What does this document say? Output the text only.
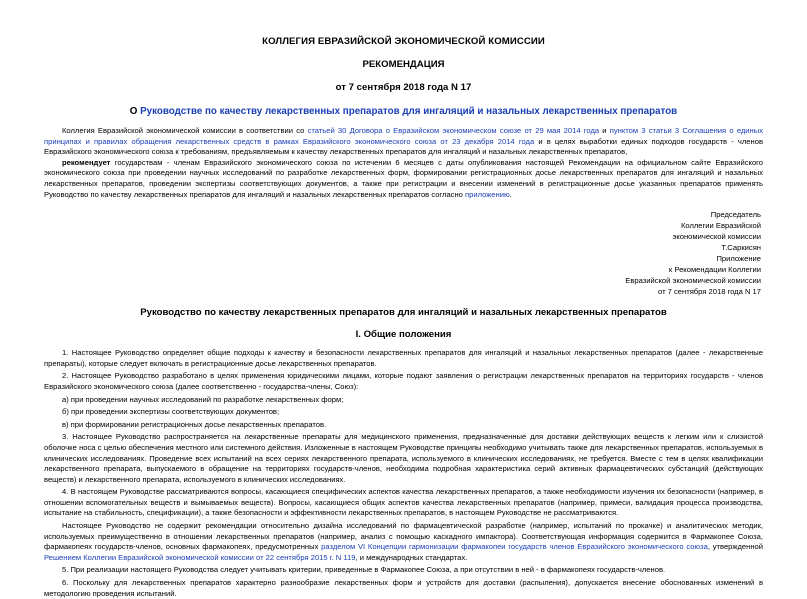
КОЛЛЕГИЯ ЕВРАЗИЙСКОЙ ЭКОНОМИЧЕСКОЙ КОМИССИИ
РЕКОМЕНДАЦИЯ
от 7 сентября 2018 года N 17
О Руководстве по качеству лекарственных препаратов для ингаляций и назальных лекарственных препаратов

Коллегия Евразийской экономической комиссии в соответствии со статьей 30 Договора о Евразийском экономическом союзе от 29 мая 2014 года и пунктом 3 статьи 3 Соглашения о единых принципах и правилах обращения лекарственных средств в рамках Евразийского экономического союза от 23 декабря 2014 года и в целях выработки единых подходов государств - членов Евразийского экономического союза к требованиям, предъявляемым к качеству лекарственных препаратов для ингаляций и назальных лекарственных препаратов,

рекомендует государствам - членам Евразийского экономического союза по истечении 6 месяцев с даты опубликования настоящей Рекомендации на официальном сайте Евразийского экономического союза при проведении научных исследований по разработке лекарственных форм, формировании регистрационных досье лекарственных препаратов для ингаляций и назальных лекарственных препаратов, проведении экспертизы соответствующих документов, а также при регистрации и внесении изменений в регистрационные досье указанных препаратов применять Руководство по качеству лекарственных препаратов для ингаляций и назальных лекарственных препаратов согласно приложению.

Председатель
Коллегии Евразийской
экономической комиссии
Т.Саркисян
Приложение
к Рекомендации Коллегии
Евразийской экономической комиссии
от 7 сентября 2018 года N 17
Руководство по качеству лекарственных препаратов для ингаляций и назальных лекарственных препаратов
I. Общие положения

1. Настоящее Руководство определяет общие подходы к качеству и безопасности лекарственных препаратов для ингаляций и назальных лекарственных препаратов (далее - лекарственные препараты), которые следует включать в регистрационные досье лекарственных препаратов.

2. Настоящее Руководство разработано в целях применения юридическими лицами, которые подают заявления о регистрации лекарственных препаратов на территориях государств - членов Евразийского экономического союза (далее соответственно - государства-члены, Союз):

а) при проведении научных исследований по разработке лекарственных форм;

б) при проведении экспертизы соответствующих документов;

в) при формировании регистрационных досье лекарственных препаратов.

3. Настоящее Руководство распространяется на лекарственные препараты для медицинского применения, предназначенные для доставки действующих веществ к легким или к слизистой оболочке носа с целью обеспечения местного или системного действия. Изложенные в настоящем Руководстве принципы необходимо учитывать также для лекарственных препаратов, используемых в клинических исследованиях. Проведение всех испытаний на всех сериях лекарственного препарата, используемого в клинических исследованиях, не требуется. Вместе с тем в целях квалификации лекарственного препарата, выпускаемого в обращение на территориях государств-членов, необходима подробная характеристика серий активных фармацевтических субстанций (действующих веществ) и лекарственного препарата, используемого в клинических исследованиях.

4. В настоящем Руководстве рассматриваются вопросы, касающиеся специфических аспектов качества лекарственных препаратов, а также необходимости изучения их безопасности (например, в отношении вспомогательных веществ и вымываемых веществ). Вопросы, касающиеся общих аспектов качества лекарственных препаратов (например, примеси, валидация процесса производства, испытание на стабильность, спецификации), а также безопасности и эффективности лекарственных препаратов, в настоящем Руководстве не рассматриваются.

Настоящее Руководство не содержит рекомендации относительно дизайна исследований по фармацевтической разработке (например, испытаний по прокачке) и аналитических методик, используемых преимущественно в отношении лекарственных препаратов (например, анализ с помощью каскадного импактора). Соответствующая информация содержится в Фармакопее Союза, фармакопеях государств-членов, основных фармакопеях, предусмотренных разделом VI Концепции гармонизации фармакопеи государств членов Евразийского экономического союза, утвержденной Решением Коллегии Евразийской экономической комиссии от 22 сентября 2015 г. N 119, и международных стандартах.

5. При реализации настоящего Руководства следует учитывать критерии, приведенные в Фармакопее Союза, а при отсутствии в ней - в фармакопеях государств-членов.

6. Поскольку для лекарственных препаратов характерно разнообразие лекарственных форм и устройств для доставки (распыления), допускается внесение обоснованных изменений в методологию проведения испытаний.
